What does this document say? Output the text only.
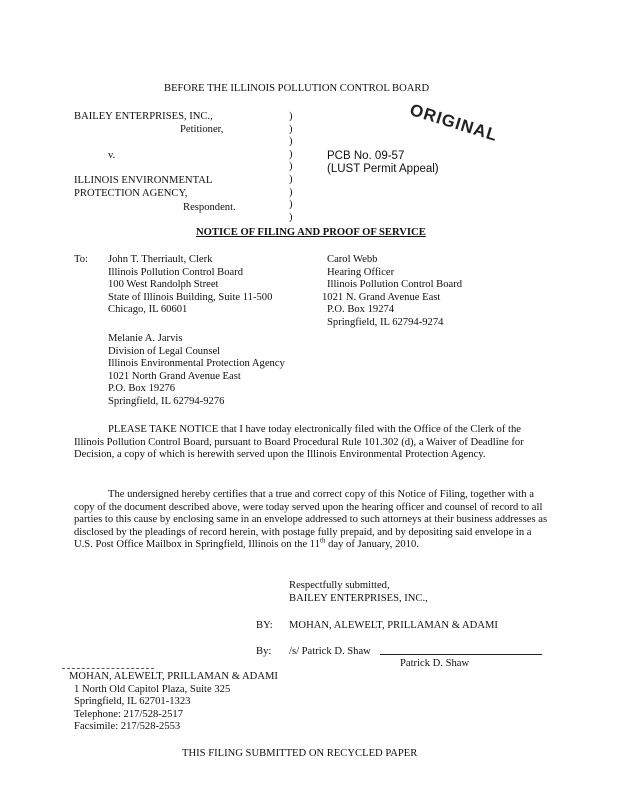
BEFORE THE ILLINOIS POLLUTION CONTROL BOARD
BAILEY ENTERPRISES, INC.,
Petitioner,
v.
ILLINOIS ENVIRONMENTAL
PROTECTION AGENCY,
Respondent.
)
)
)
)
)
)
)
)
)
PCB No. 09-57
(LUST Permit Appeal)
ORIGINAL
NOTICE OF FILING AND PROOF OF SERVICE
To: John T. Therriault, Clerk
Illinois Pollution Control Board
100 West Randolph Street
State of Illinois Building, Suite 11-500
Chicago, IL 60601
Carol Webb
Hearing Officer
Illinois Pollution Control Board
1021 N. Grand Avenue East
P.O. Box 19274
Springfield, IL 62794-9274
Melanie A. Jarvis
Division of Legal Counsel
Illinois Environmental Protection Agency
1021 North Grand Avenue East
P.O. Box 19276
Springfield, IL 62794-9276
PLEASE TAKE NOTICE that I have today electronically filed with the Office of the Clerk of the Illinois Pollution Control Board, pursuant to Board Procedural Rule 101.302 (d), a Waiver of Deadline for Decision, a copy of which is herewith served upon the Illinois Environmental Protection Agency.
The undersigned hereby certifies that a true and correct copy of this Notice of Filing, together with a copy of the document described above, were today served upon the hearing officer and counsel of record to all parties to this cause by enclosing same in an envelope addressed to such attorneys at their business addresses as disclosed by the pleadings of record herein, with postage fully prepaid, and by depositing said envelope in a U.S. Post Office Mailbox in Springfield, Illinois on the 11th day of January, 2010.
Respectfully submitted,
BAILEY ENTERPRISES, INC.,
BY: MOHAN, ALEWELT, PRILLAMAN & ADAMI
By: /s/ Patrick D. Shaw
Patrick D. Shaw
MOHAN, ALEWELT, PRILLAMAN & ADAMI
1 North Old Capitol Plaza, Suite 325
Springfield, IL 62701-1323
Telephone: 217/528-2517
Facsimile: 217/528-2553
THIS FILING SUBMITTED ON RECYCLED PAPER
